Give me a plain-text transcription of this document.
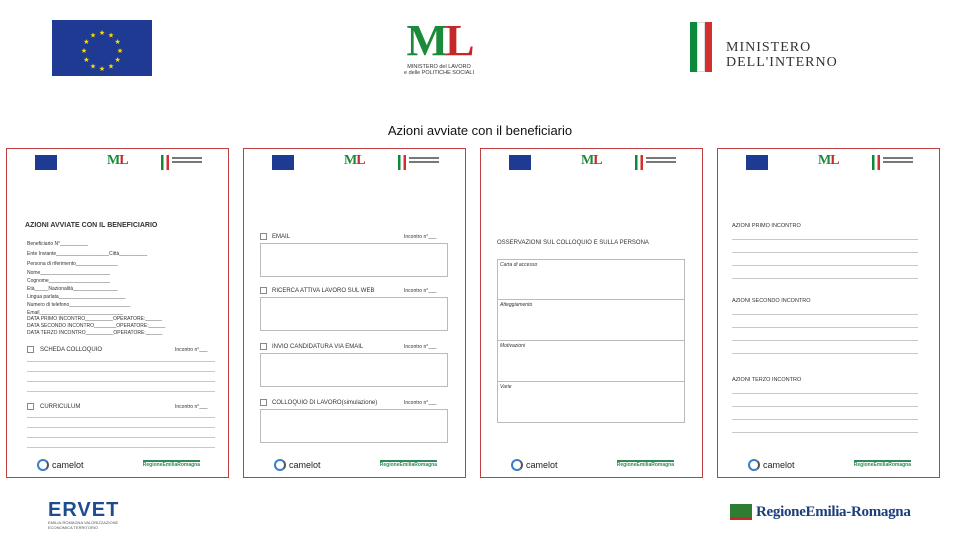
★ ★
★
★
★
★
★
★
★
★
★
★	ML
MINISTERO del LAVORO
e delle POLITICHE SOCIALI
MINISTERO
DELL'INTERNO
Azioni avviate con il beneficiario
ML
AZIONI AVVIATE CON IL BENEFICIARIO
Beneficiario N°__________
Ente Inviante___________________Città__________
Persona di riferimento_______________
Nome_________________________
Cognome______________________
Età_____Nazionalità________________
Lingua parlata________________________
Numero di telefono______________________
Email______________________________
DATA PRIMO INCONTRO__________OPERATORE:______
DATA SECONDO INCONTRO________OPERATORE:______
DATA TERZO INCONTRO__________OPERATORE:______
SCHEDA COLLOQUIO	Incontro n°___
CURRICULUM	Incontro n°___
camelot	RegioneEmiliaRomagna
ML
EMAIL	Incontro n°___
RICERCA ATTIVA LAVORO SUL WEB	Incontro n°___
INVIO CANDIDATURA VIA EMAIL	Incontro n°___
COLLOQUIO DI LAVORO(simulazione)	Incontro n°___
camelot	RegioneEmiliaRomagna
ML
OSSERVAZIONI SUL COLLOQUIO E SULLA PERSONA
Carta di accesso
Atteggiamento
Motivazioni
Varie
camelot	RegioneEmiliaRomagna
ML
AZIONI PRIMO INCONTRO
AZIONI SECONDO INCONTRO
AZIONI TERZO INCONTRO
camelot	RegioneEmiliaRomagna
ERVET
EMILIA-ROMAGNA VALORIZZAZIONE ECONOMICA TERRITORIO
RegioneEmilia-Romagna
